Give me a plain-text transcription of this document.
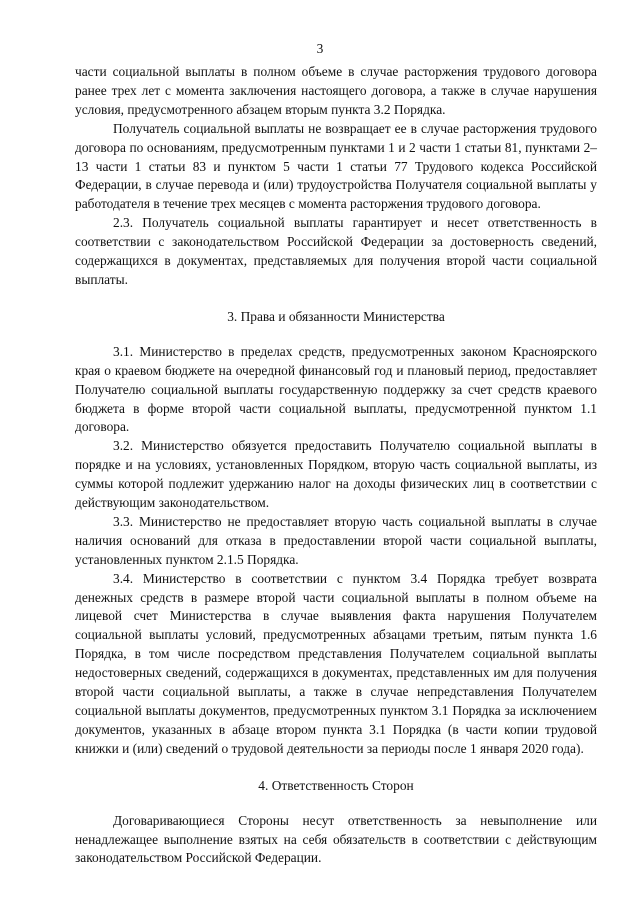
3

части социальной выплаты в полном объеме в случае расторжения трудового договора ранее трех лет с момента заключения настоящего договора, а также в случае нарушения условия, предусмотренного абзацем вторым пункта 3.2 Порядка.

Получатель социальной выплаты не возвращает ее в случае расторжения трудового договора по основаниям, предусмотренным пунктами 1 и 2 части 1 статьи 81, пунктами 2–13 части 1 статьи 83 и пунктом 5 части 1 статьи 77 Трудового кодекса Российской Федерации, в случае перевода и (или) трудоустройства Получателя социальной выплаты у работодателя в течение трех месяцев с момента расторжения трудового договора.

2.3. Получатель социальной выплаты гарантирует и несет ответственность в соответствии с законодательством Российской Федерации за достоверность сведений, содержащихся в документах, представляемых для получения второй части социальной выплаты.

3. Права и обязанности Министерства

3.1. Министерство в пределах средств, предусмотренных законом Красноярского края о краевом бюджете на очередной финансовый год и плановый период, предоставляет Получателю социальной выплаты государственную поддержку за счет средств краевого бюджета в форме второй части социальной выплаты, предусмотренной пунктом 1.1 договора.

3.2. Министерство обязуется предоставить Получателю социальной выплаты в порядке и на условиях, установленных Порядком, вторую часть социальной выплаты, из суммы которой подлежит удержанию налог на доходы физических лиц в соответствии с действующим законодательством.

3.3. Министерство не предоставляет вторую часть социальной выплаты в случае наличия оснований для отказа в предоставлении второй части социальной выплаты, установленных пунктом 2.1.5 Порядка.

3.4. Министерство в соответствии с пунктом 3.4 Порядка требует возврата денежных средств в размере второй части социальной выплаты в полном объеме на лицевой счет Министерства в случае выявления факта нарушения Получателем социальной выплаты условий, предусмотренных абзацами третьим, пятым пункта 1.6 Порядка, в том числе посредством представления Получателем социальной выплаты недостоверных сведений, содержащихся в документах, представленных им для получения второй части социальной выплаты, а также в случае непредставления Получателем социальной выплаты документов, предусмотренных пунктом 3.1 Порядка за исключением документов, указанных в абзаце втором пункта 3.1 Порядка (в части копии трудовой книжки и (или) сведений о трудовой деятельности за периоды после 1 января 2020 года).

4. Ответственность Сторон

Договаривающиеся Стороны несут ответственность за невыполнение или ненадлежащее выполнение взятых на себя обязательств в соответствии с действующим законодательством Российской Федерации.
